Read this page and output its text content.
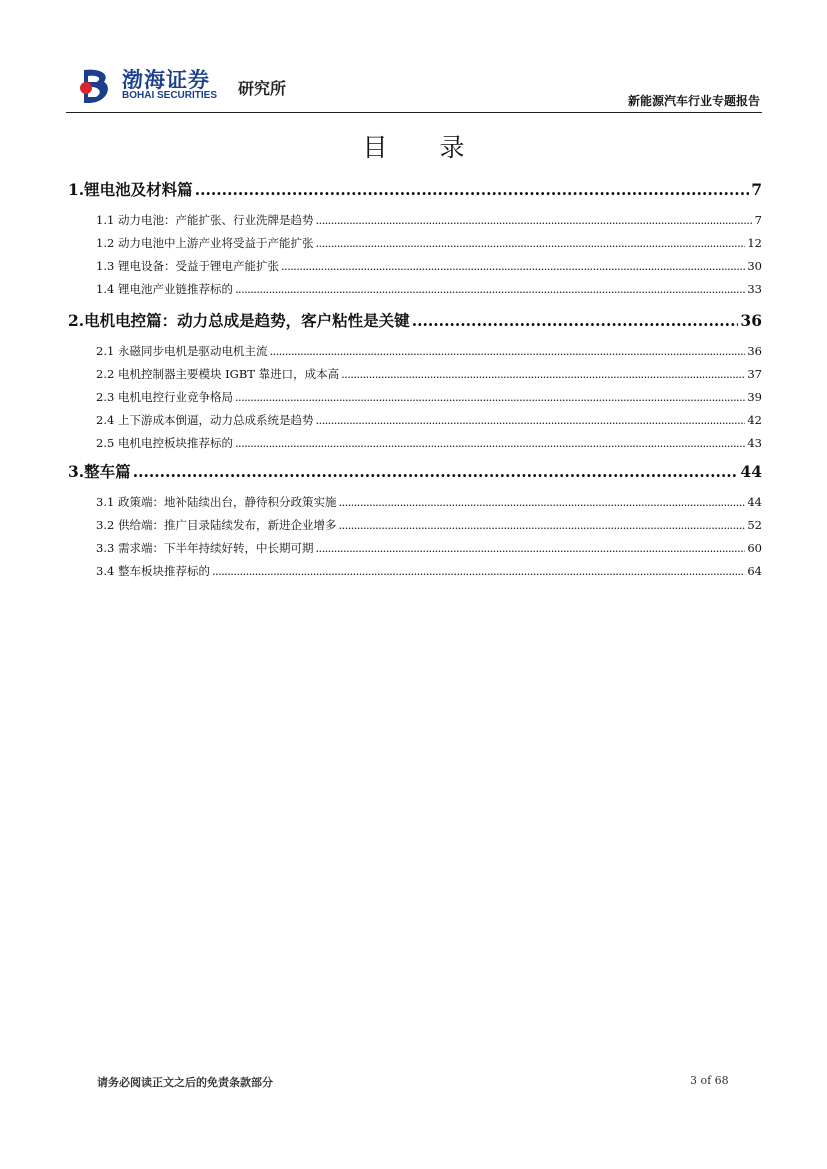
渤海证券
BOHAI SECURITIES 研究所
新能源汽车行业专题报告
目 录
1.锂电池及材料篇 .....	7
1.1 动力电池：产能扩张、行业洗牌是趋势 .....	7
1.2 动力电池中上游产业将受益于产能扩张 .....	12
1.3 锂电设备：受益于锂电产能扩张 .....	30
1.4 锂电池产业链推荐标的 .....	33
2.电机电控篇：动力总成是趋势，客户粘性是关键 .....	36
2.1 永磁同步电机是驱动电机主流 .....	36
2.2 电机控制器主要模块 IGBT 靠进口，成本高 .....	37
2.3 电机电控行业竞争格局 .....	39
2.4 上下游成本倒逼，动力总成系统是趋势 .....	42
2.5 电机电控板块推荐标的 .....	43
3.整车篇 .....	44
3.1 政策端：地补陆续出台，静待积分政策实施 .....	44
3.2 供给端：推广目录陆续发布，新进企业增多 .....	52
3.3 需求端：下半年持续好转，中长期可期 .....	60
3.4 整车板块推荐标的 .....	64
请务必阅读正文之后的免责条款部分	3 of 68
